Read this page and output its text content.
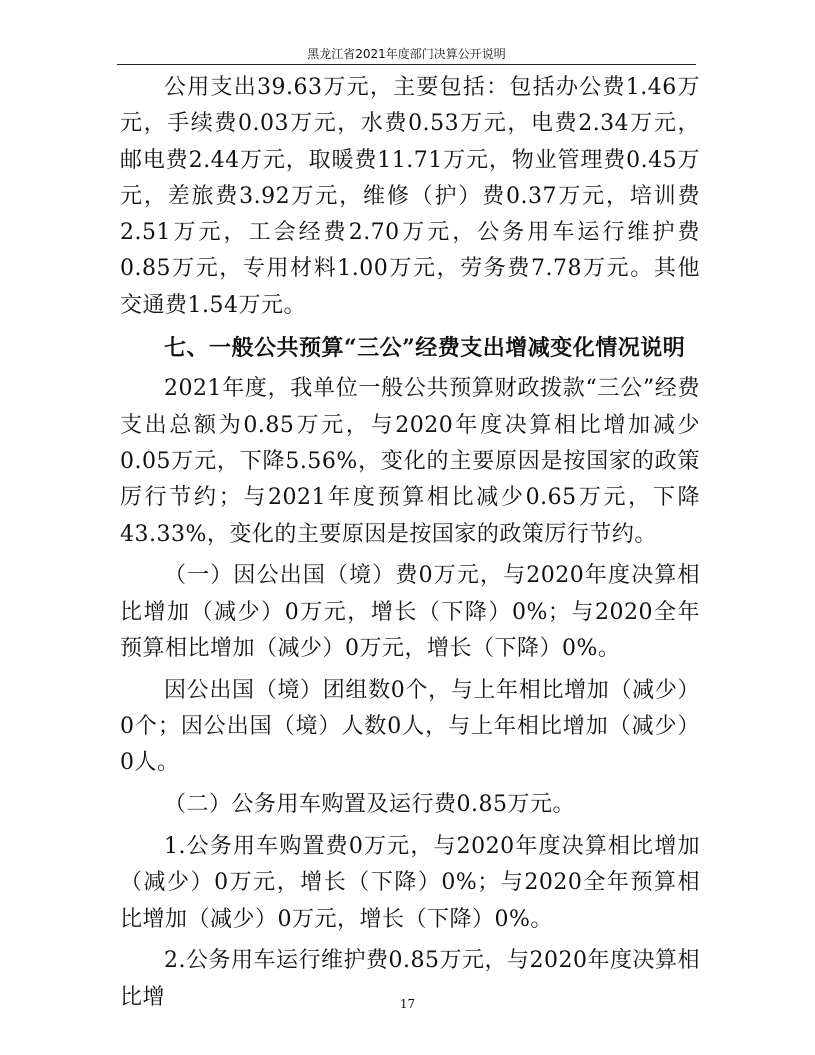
黑龙江省2021年度部门决算公开说明

公用支出39.63万元，主要包括：包括办公费1.46万元，手续费0.03万元，水费0.53万元，电费2.34万元，邮电费2.44万元，取暖费11.71万元，物业管理费0.45万元，差旅费3.92万元，维修（护）费0.37万元，培训费2.51万元，工会经费2.70万元，公务用车运行维护费0.85万元，专用材料1.00万元，劳务费7.78万元。其他交通费1.54万元。

七、一般公共预算“三公”经费支出增减变化情况说明

2021年度，我单位一般公共预算财政拨款“三公”经费支出总额为0.85万元，与2020年度决算相比增加减少0.05万元，下降5.56%，变化的主要原因是按国家的政策厉行节约；与2021年度预算相比减少0.65万元，下降43.33%，变化的主要原因是按国家的政策厉行节约。

（一）因公出国（境）费0万元，与2020年度决算相比增加（减少）0万元，增长（下降）0%；与2020全年预算相比增加（减少）0万元，增长（下降）0%。

因公出国（境）团组数0个，与上年相比增加（减少）0个；因公出国（境）人数0人，与上年相比增加（减少）0人。

（二）公务用车购置及运行费0.85万元。

1.公务用车购置费0万元，与2020年度决算相比增加（减少）0万元，增长（下降）0%；与2020全年预算相比增加（减少）0万元，增长（下降）0%。

2.公务用车运行维护费0.85万元，与2020年度决算相比增	17
